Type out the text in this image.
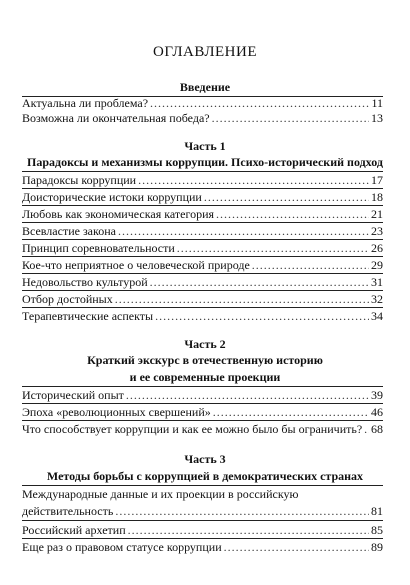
ОГЛАВЛЕНИЕ
Введение
Актуальна ли проблема? .....	11
Возможна ли окончательная победа? .....	13
Часть 1
Парадоксы и механизмы коррупции. Психо-исторический подход
Парадоксы коррупции .....	17
Доисторические истоки коррупции .....	18
Любовь как экономическая категория .....	21
Всевластие закона .....	23
Принцип соревновательности .....	26
Кое-что неприятное о человеческой природе .....	29
Недовольство культурой .....	31
Отбор достойных .....	32
Терапевтические аспекты .....	34
Часть 2
Краткий экскурс в отечественную историю
и ее современные проекции
Исторический опыт .....	39
Эпоха «революционных свершений» .....	46
Что способствует коррупции и как ее можно было бы ограничить? ..... 68
Часть 3
Методы борьбы с коррупцией в демократических странах
Международные данные и их проекции в российскую
действительность .....	81
Российский архетип .....	85
Еще раз о правовом статусе коррупции .....	89
